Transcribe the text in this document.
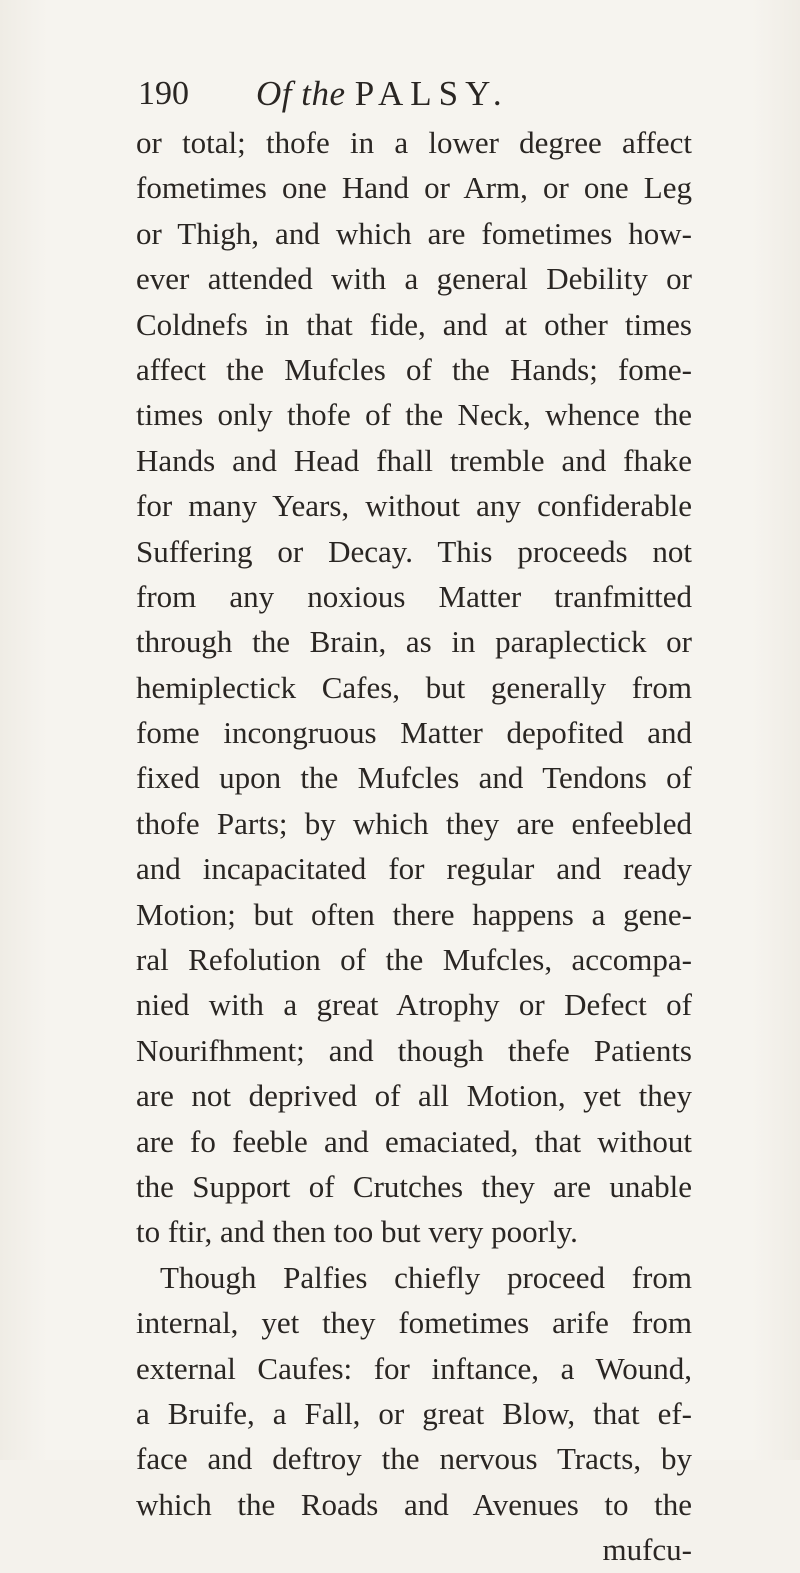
190 Of the PALSY.
or total; thofe in a lower degree affect
fometimes one Hand or Arm, or one Leg
or Thigh, and which are fometimes how-
ever attended with a general Debility or
Coldnefs in that fide, and at other times
affect the Mufcles of the Hands; fome-
times only thofe of the Neck, whence the
Hands and Head fhall tremble and fhake
for many Years, without any confiderable
Suffering or Decay. This proceeds not
from any noxious Matter tranfmitted
through the Brain, as in paraplectick or
hemiplectick Cafes, but generally from
fome incongruous Matter depofited and
fixed upon the Mufcles and Tendons of
thofe Parts; by which they are enfeebled
and incapacitated for regular and ready
Motion; but often there happens a gene-
ral Refolution of the Mufcles, accompa-
nied with a great Atrophy or Defect of
Nourifhment; and though thefe Patients
are not deprived of all Motion, yet they
are fo feeble and emaciated, that without
the Support of Crutches they are unable
to ftir, and then too but very poorly.
Though Palfies chiefly proceed from
internal, yet they fometimes arife from
external Caufes: for inftance, a Wound,
a Bruife, a Fall, or great Blow, that ef-
face and deftroy the nervous Tracts, by
which the Roads and Avenues to the
mufcu-
